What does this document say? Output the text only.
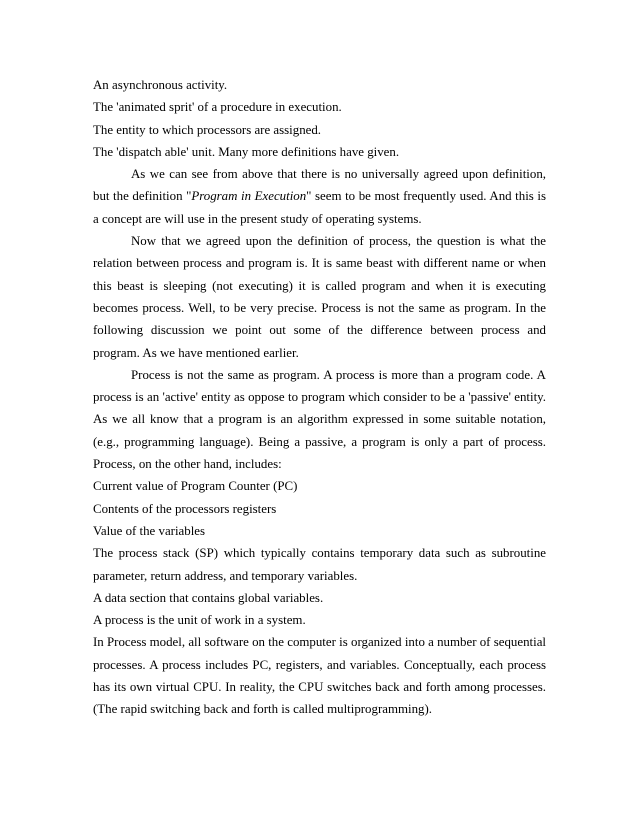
An asynchronous activity.
The 'animated sprit' of a procedure in execution.
The entity to which processors are assigned.
The 'dispatch able' unit. Many more definitions have given.

As we can see from above that there is no universally agreed upon definition, but the definition "Program in Execution" seem to be most frequently used. And this is a concept are will use in the present study of operating systems.

Now that we agreed upon the definition of process, the question is what the relation between process and program is. It is same beast with different name or when this beast is sleeping (not executing) it is called program and when it is executing becomes process. Well, to be very precise. Process is not the same as program. In the following discussion we point out some of the difference between process and program. As we have mentioned earlier.

Process is not the same as program. A process is more than a program code. A process is an 'active' entity as oppose to program which consider to be a 'passive' entity. As we all know that a program is an algorithm expressed in some suitable notation, (e.g., programming language). Being a passive, a program is only a part of process. Process, on the other hand, includes:

Current value of Program Counter (PC)
Contents of the processors registers
Value of the variables

The process stack (SP) which typically contains temporary data such as subroutine parameter, return address, and temporary variables.

A data section that contains global variables.
A process is the unit of work in a system.

In Process model, all software on the computer is organized into a number of sequential processes. A process includes PC, registers, and variables. Conceptually, each process has its own virtual CPU. In reality, the CPU switches back and forth among processes. (The rapid switching back and forth is called multiprogramming).
